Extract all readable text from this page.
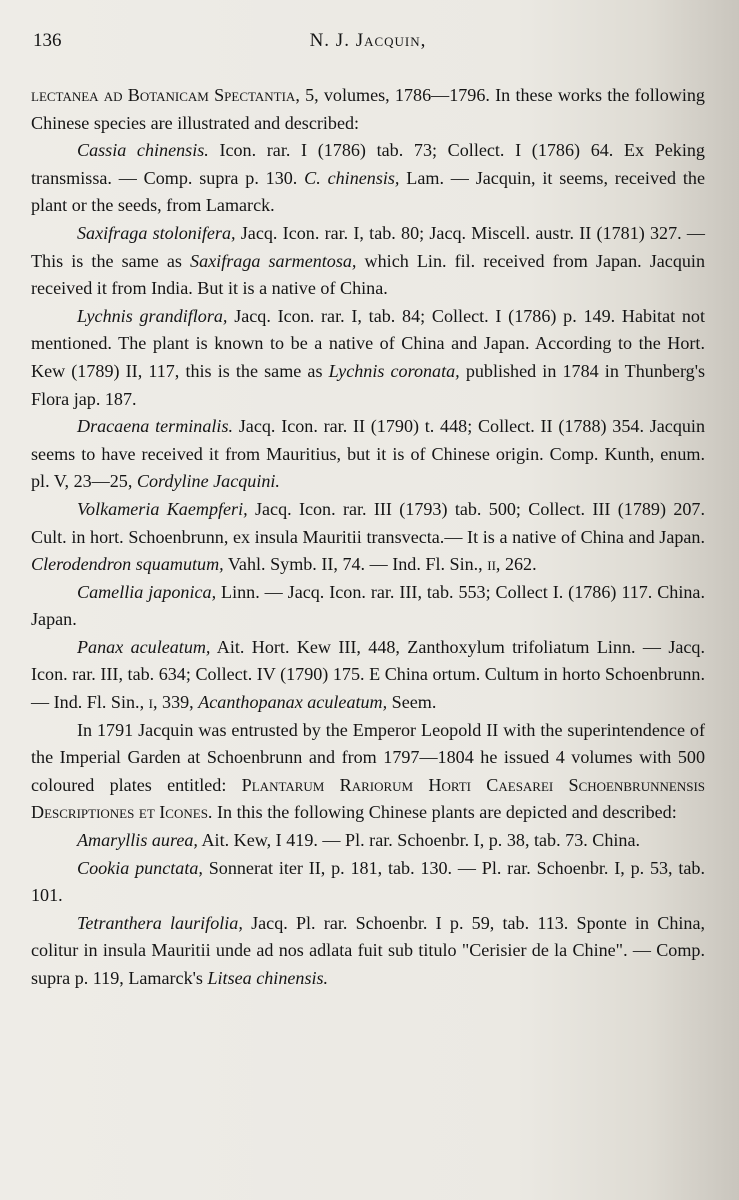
136	N. J. Jacquin,

lectanea ad Botanicam Spectantia, 5, volumes, 1786—1796. In these works the following Chinese species are illustrated and described:

Cassia chinensis. Icon. rar. I (1786) tab. 73; Collect. I (1786) 64. Ex Peking transmissa. — Comp. supra p. 130. C. chinensis, Lam. — Jacquin, it seems, received the plant or the seeds, from Lamarck.

Saxifraga stolonifera, Jacq. Icon. rar. I, tab. 80; Jacq. Miscell. austr. II (1781) 327. — This is the same as Saxifraga sarmentosa, which Lin. fil. received from Japan. Jacquin received it from India. But it is a native of China.

Lychnis grandiflora, Jacq. Icon. rar. I, tab. 84; Collect. I (1786) p. 149. Habitat not mentioned. The plant is known to be a native of China and Japan. According to the Hort. Kew (1789) II, 117, this is the same as Lychnis coronata, published in 1784 in Thunberg's Flora jap. 187.

Dracaena terminalis. Jacq. Icon. rar. II (1790) t. 448; Collect. II (1788) 354. Jacquin seems to have received it from Mauritius, but it is of Chinese origin. Comp. Kunth, enum. pl. V, 23—25, Cordyline Jacquini.

Volkameria Kaempferi, Jacq. Icon. rar. III (1793) tab. 500; Collect. III (1789) 207. Cult. in hort. Schoenbrunn, ex insula Mauritii transvecta.— It is a native of China and Japan. Clerodendron squamutum, Vahl. Symb. II, 74. — Ind. Fl. Sin., ii, 262.

Camellia japonica, Linn. — Jacq. Icon. rar. III, tab. 553; Collect I. (1786) 117. China. Japan.

Panax aculeatum, Ait. Hort. Kew III, 448, Zanthoxylum trifoliatum Linn. — Jacq. Icon. rar. III, tab. 634; Collect. IV (1790) 175. E China ortum. Cultum in horto Schoenbrunn. — Ind. Fl. Sin., i, 339, Acanthopanax aculeatum, Seem.

In 1791 Jacquin was entrusted by the Emperor Leopold II with the superintendence of the Imperial Garden at Schoenbrunn and from 1797—1804 he issued 4 volumes with 500 coloured plates entitled: Plantarum Rariorum Horti Caesarei Schoenbrunnensis Descriptiones et Icones. In this the following Chinese plants are depicted and described:

Amaryllis aurea, Ait. Kew, I 419. — Pl. rar. Schoenbr. I, p. 38, tab. 73. China.

Cookia punctata, Sonnerat iter II, p. 181, tab. 130. — Pl. rar. Schoenbr. I, p. 53, tab. 101.

Tetranthera laurifolia, Jacq. Pl. rar. Schoenbr. I p. 59, tab. 113. Sponte in China, colitur in insula Mauritii unde ad nos adlata fuit sub titulo "Cerisier de la Chine". — Comp. supra p. 119, Lamarck's Litsea chinensis.
